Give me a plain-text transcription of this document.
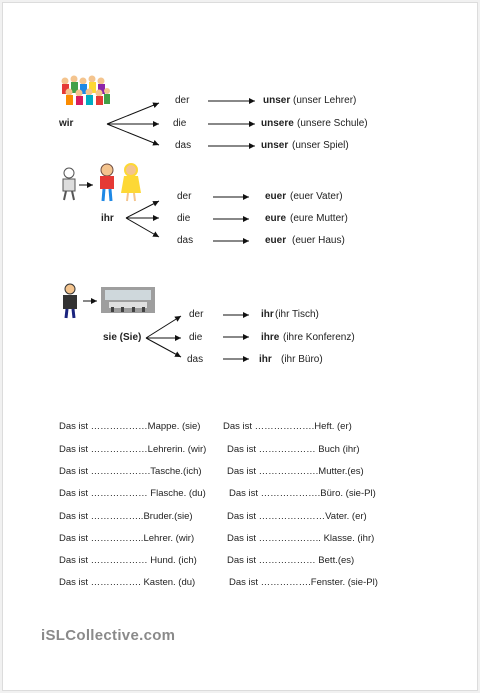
wir
der
die
das
unser (unser Lehrer)
unsere (unsere Schule)
unser (unser Spiel)
ihr
der
die
das
euer (euer Vater)
eure (eure Mutter)
euer (euer Haus)
sie (Sie)
der
die
das
ihr (ihr Tisch)
ihre (ihre Konferenz)
ihr (ihr Büro)
Das ist ………………Mappe. (sie)
Das ist ………………Lehrerin. (wir)
Das ist ……………….Tasche.(ich)
Das ist ……………… Flasche. (du)
Das ist ……………..Bruder.(sie)
Das ist ……………..Lehrer. (wir)
Das ist ……………… Hund. (ich)
Das ist ……………. Kasten. (du)
Das ist ……………….Heft. (er)
Das ist ……………… Buch (ihr)
Das ist ……………….Mutter.(es)
Das ist ……………….Büro. (sie-Pl)
Das ist …………………Vater. (er)
Das ist ……………….. Klasse. (ihr)
Das ist ……………… Bett.(es)
Das ist …………….Fenster. (sie-Pl)
iSLCollective.com
